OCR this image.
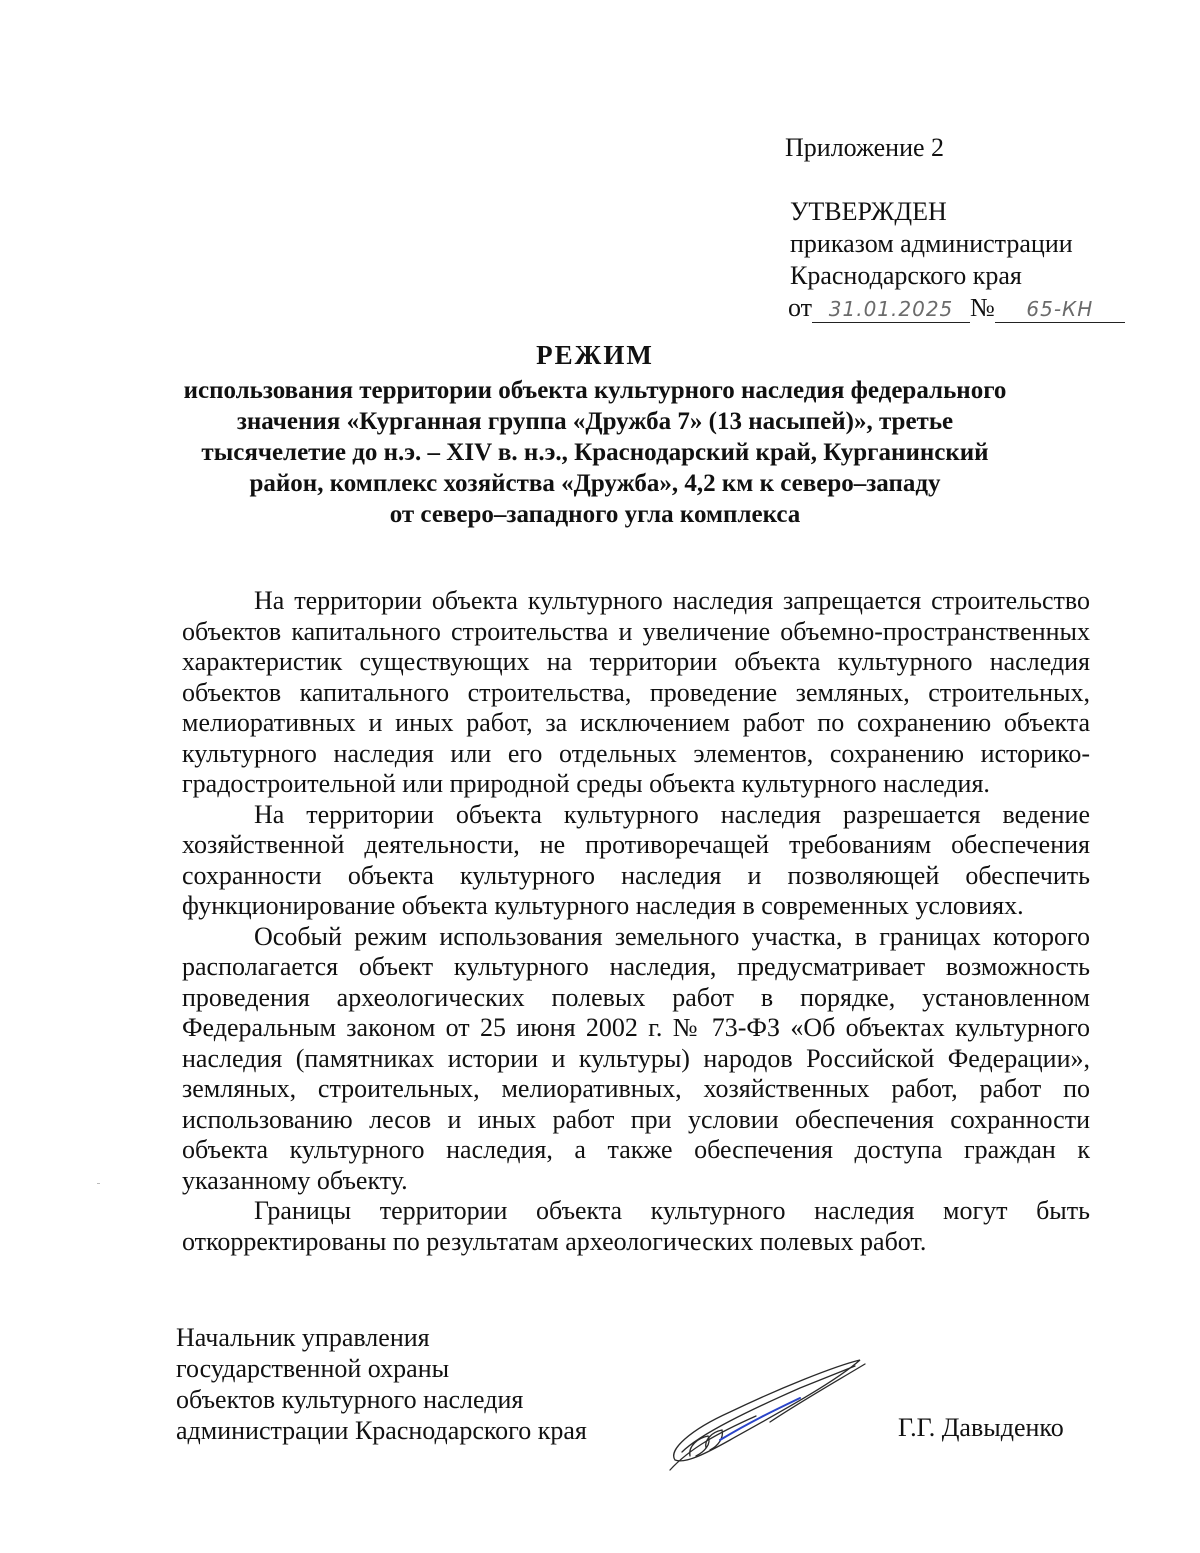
Приложение 2
УТВЕРЖДЕН
приказом администрации
Краснодарского края
от 31.01.2025 № 65-КН
РЕЖИМ
использования территории объекта культурного наследия федерального
значения «Курганная группа «Дружба 7» (13 насыпей)», третье
тысячелетие до н.э. – XIV в. н.э., Краснодарский край, Курганинский
район, комплекс хозяйства «Дружба», 4,2 км к северо–западу
от северо–западного угла комплекса

На территории объекта культурного наследия запрещается строительство объектов капитального строительства и увеличение объемно-пространственных характеристик существующих на территории объекта культурного наследия объектов капитального строительства, проведение земляных, строительных, мелиоративных и иных работ, за исключением работ по сохранению объекта культурного наследия или его отдельных элементов, сохранению историко-градостроительной или природной среды объекта культурного наследия.

На территории объекта культурного наследия разрешается ведение хозяйственной деятельности, не противоречащей требованиям обеспечения сохранности объекта культурного наследия и позволяющей обеспечить функционирование объекта культурного наследия в современных условиях.

Особый режим использования земельного участка, в границах которого располагается объект культурного наследия, предусматривает возможность проведения археологических полевых работ в порядке, установленном Федеральным законом от 25 июня 2002 г. № 73-ФЗ «Об объектах культурного наследия (памятниках истории и культуры) народов Российской Федерации», земляных, строительных, мелиоративных, хозяйственных работ, работ по использованию лесов и иных работ при условии обеспечения сохранности объекта культурного наследия, а также обеспечения доступа граждан к указанному объекту.

Границы территории объекта культурного наследия могут быть откорректированы по результатам археологических полевых работ.

Начальник управления
государственной охраны
объектов культурного наследия
администрации Краснодарского края	Г.Г. Давыденко
